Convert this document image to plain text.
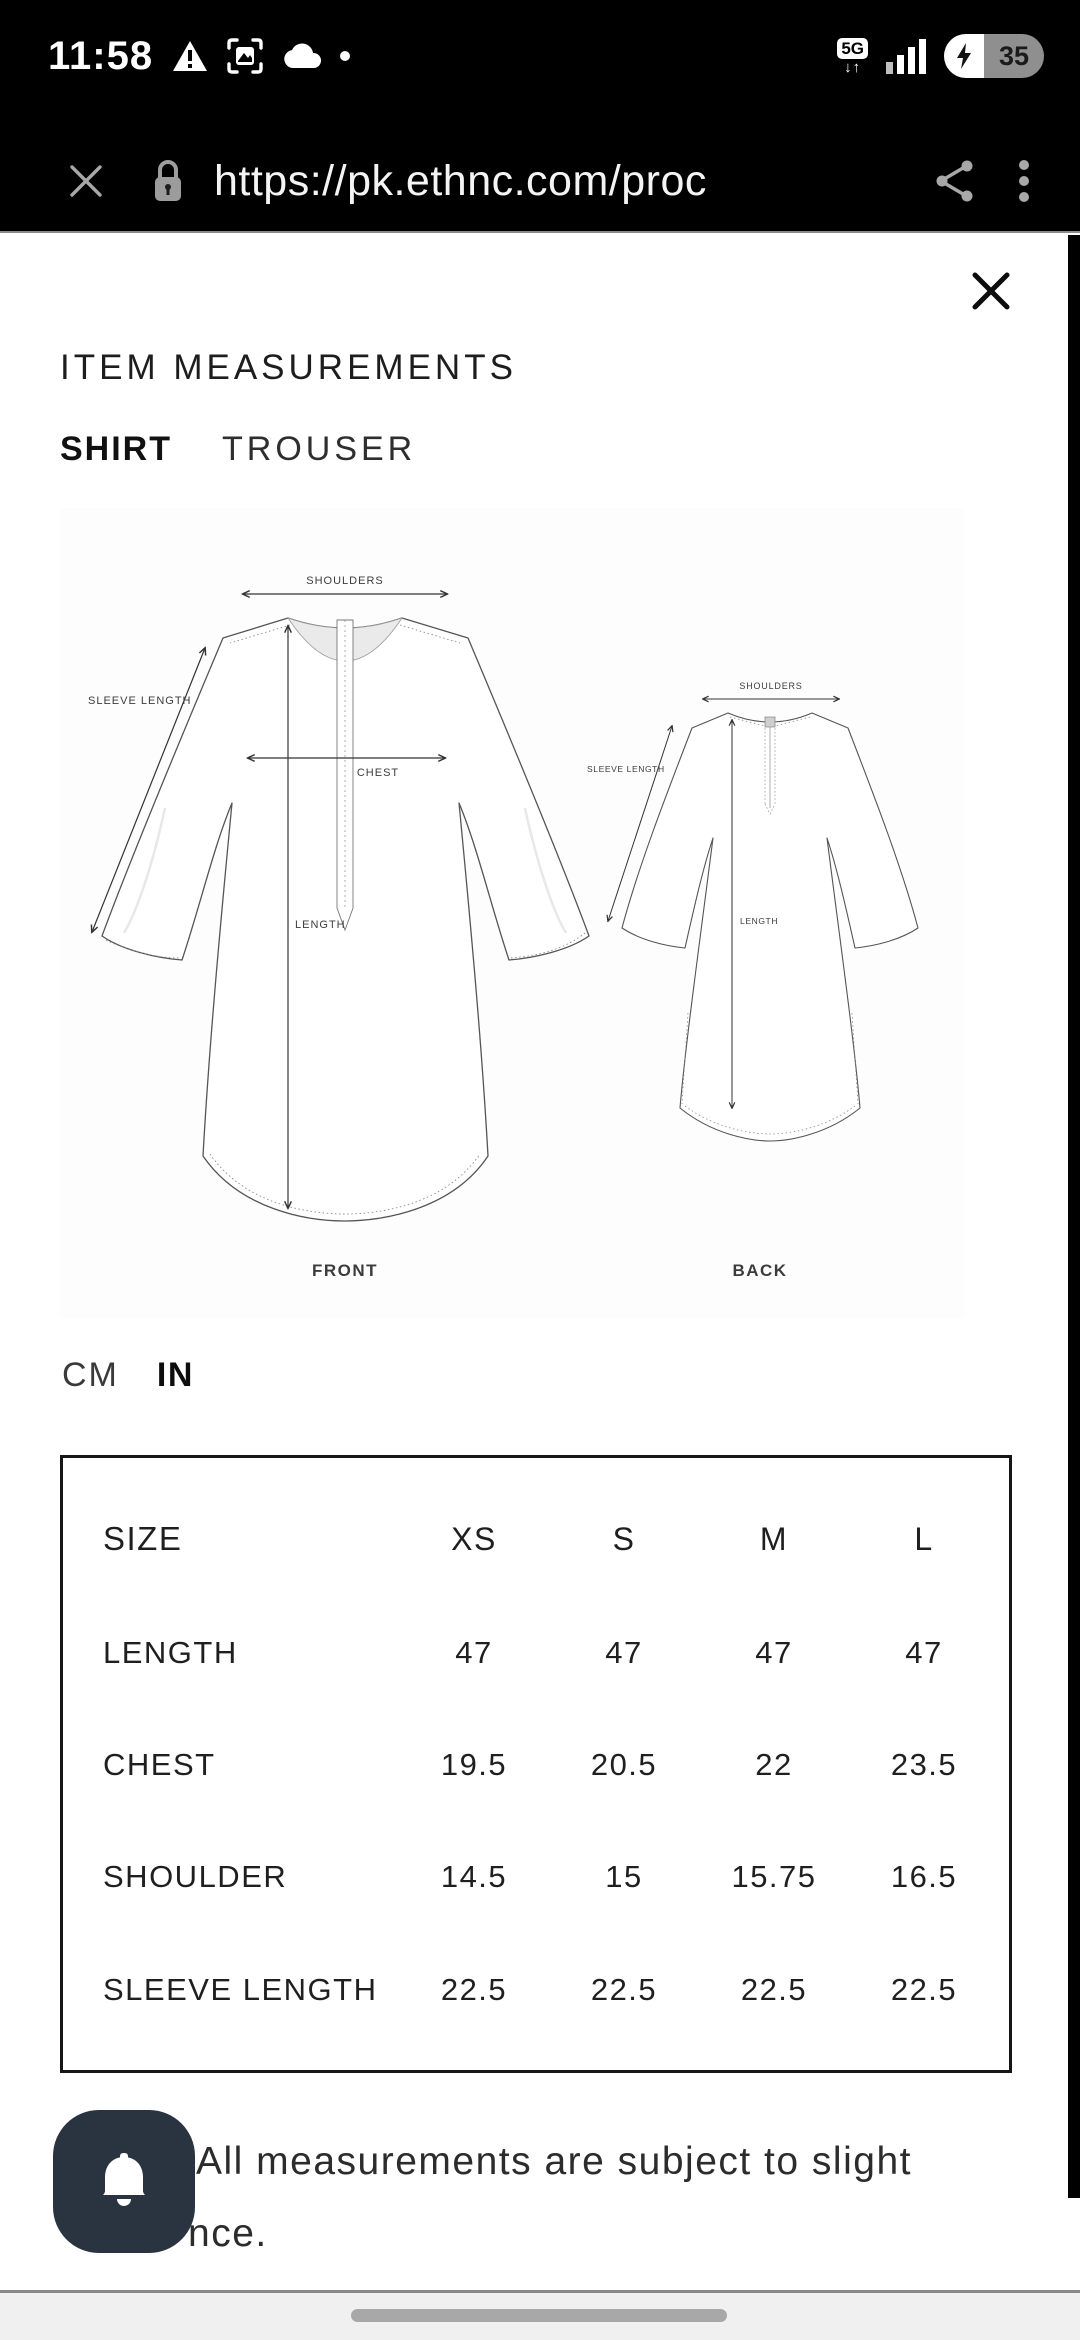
11:58	5G
↓↑	35
https://pk.ethnc.com/proc
ITEM MEASUREMENTS
SHIRT TROUSER
SHOULDERS
SLEEVE LENGTH
CHEST
LENGTH
SHOULDERS
SLEEVE LENGTH
LENGTH
FRONT	BACK
CM IN
SIZE	XS	S	M	L
LENGTH	47	47	47	47
CHEST	19.5	20.5	22	23.5
SHOULDER	14.5	15	15.75	16.5
SLEEVE LENGTH	22.5	22.5	22.5	22.5
All measurements are subject to slight
nce.
